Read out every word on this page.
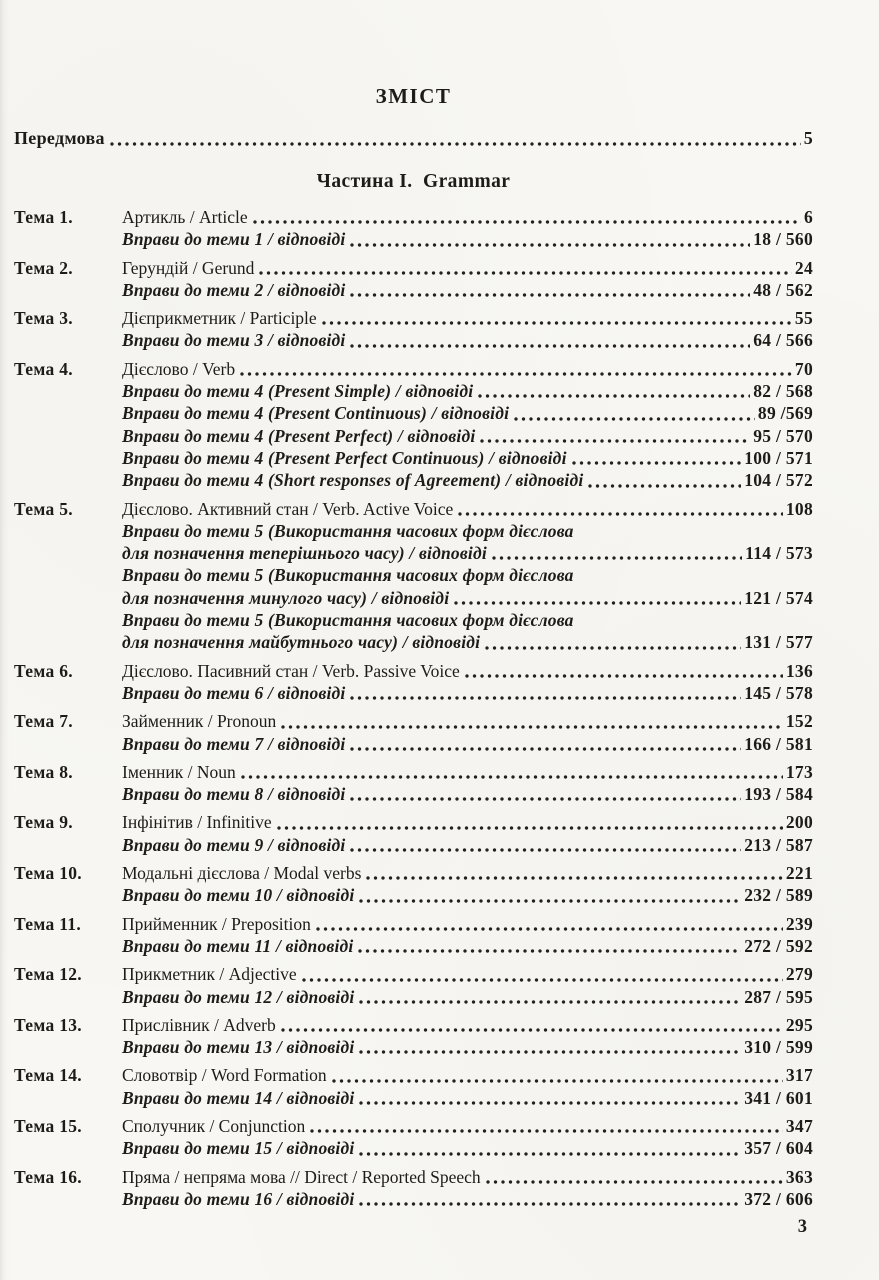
ЗМІСТ
Передмова	5
Частина I.  Grammar
Тема 1.	Артикль / Article	6
Вправи до теми 1 / відповіді	18 / 560
Тема 2.	Герундій / Gerund	24
Вправи до теми 2 / відповіді	48 / 562
Тема 3.	Дієприкметник / Participle	55
Вправи до теми 3 / відповіді	64 / 566
Тема 4.	Дієслово / Verb	70
Вправи до теми 4 (Present Simple) / відповіді	82 / 568
Вправи до теми 4 (Present Continuous) / відповіді	89 /569
Вправи до теми 4 (Present Perfect) / відповіді	95 / 570
Вправи до теми 4 (Present Perfect Continuous) / відповіді	100 / 571
Вправи до теми 4 (Short responses of Agreement) / відповіді	104 / 572
Тема 5.	Дієслово. Активний стан / Verb. Active Voice	108
Вправи до теми 5 (Використання часових форм дієслова
для позначення теперішнього часу) / відповіді	114 / 573
Вправи до теми 5 (Використання часових форм дієслова
для позначення минулого часу) / відповіді	121 / 574
Вправи до теми 5 (Використання часових форм дієслова
для позначення майбутнього часу) / відповіді	131 / 577
Тема 6.	Дієслово. Пасивний стан / Verb. Passive Voice	136
Вправи до теми 6 / відповіді	145 / 578
Тема 7.	Займенник / Pronoun	152
Вправи до теми 7 / відповіді	166 / 581
Тема 8.	Іменник / Noun	173
Вправи до теми 8 / відповіді	193 / 584
Тема 9.	Інфінітив / Infinitive	200
Вправи до теми 9 / відповіді	213 / 587
Тема 10.	Модальні дієслова / Modal verbs	221
Вправи до теми 10 / відповіді	232 / 589
Тема 11.	Прийменник / Preposition	239
Вправи до теми 11 / відповіді	272 / 592
Тема 12.	Прикметник / Adjective	279
Вправи до теми 12 / відповіді	287 / 595
Тема 13.	Прислівник / Adverb	295
Вправи до теми 13 / відповіді	310 / 599
Тема 14.	Словотвір / Word Formation	317
Вправи до теми 14 / відповіді	341 / 601
Тема 15.	Сполучник / Conjunction	347
Вправи до теми 15 / відповіді	357 / 604
Тема 16.	Пряма / непряма мова // Direct / Reported Speech	363
Вправи до теми 16 / відповіді	372 / 606
3
